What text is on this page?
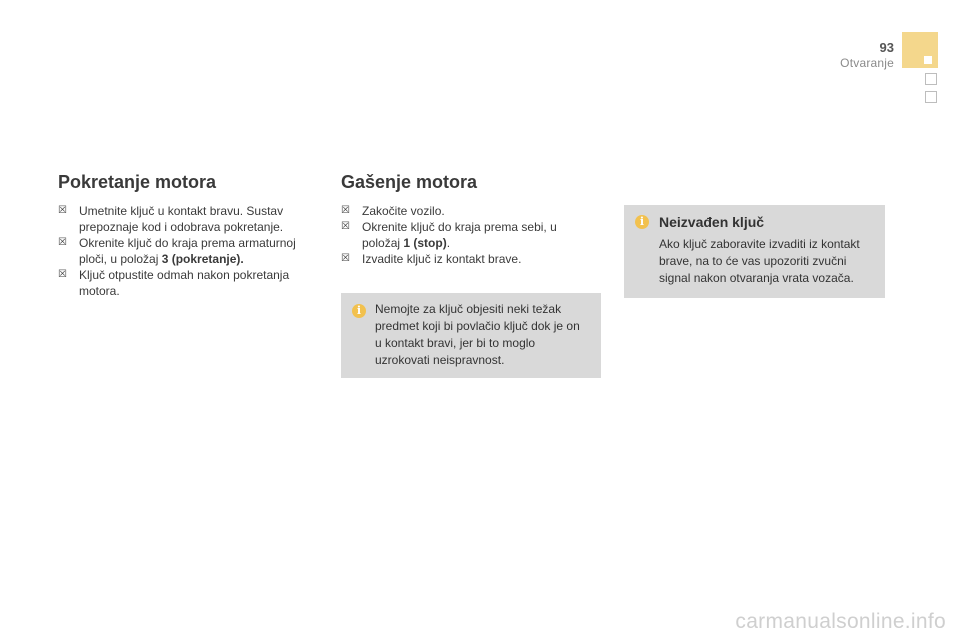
93
Otvaranje
Pokretanje motora

☒ Umetnite ključ u kontakt bravu. Sustav prepoznaje kod i odobrava pokretanje.

☒ Okrenite ključ do kraja prema armaturnoj ploči, u položaj 3 (pokretanje).

☒ Ključ otpustite odmah nakon pokretanja motora.

Gašenje motora

☒ Zakočite vozilo.

☒ Okrenite ključ do kraja prema sebi, u položaj 1 (stop).

☒ Izvadite ključ iz kontakt brave.

i	Nemojte za ključ objesiti neki težak predmet koji bi povlačio ključ dok je on u kontakt bravi, jer bi to moglo uzrokovati neispravnost.
i	Neizvađen ključ
Ako ključ zaboravite izvaditi iz kontakt brave, na to će vas upozoriti zvučni signal nakon otvaranja vrata vozača.
carmanualsonline.info
